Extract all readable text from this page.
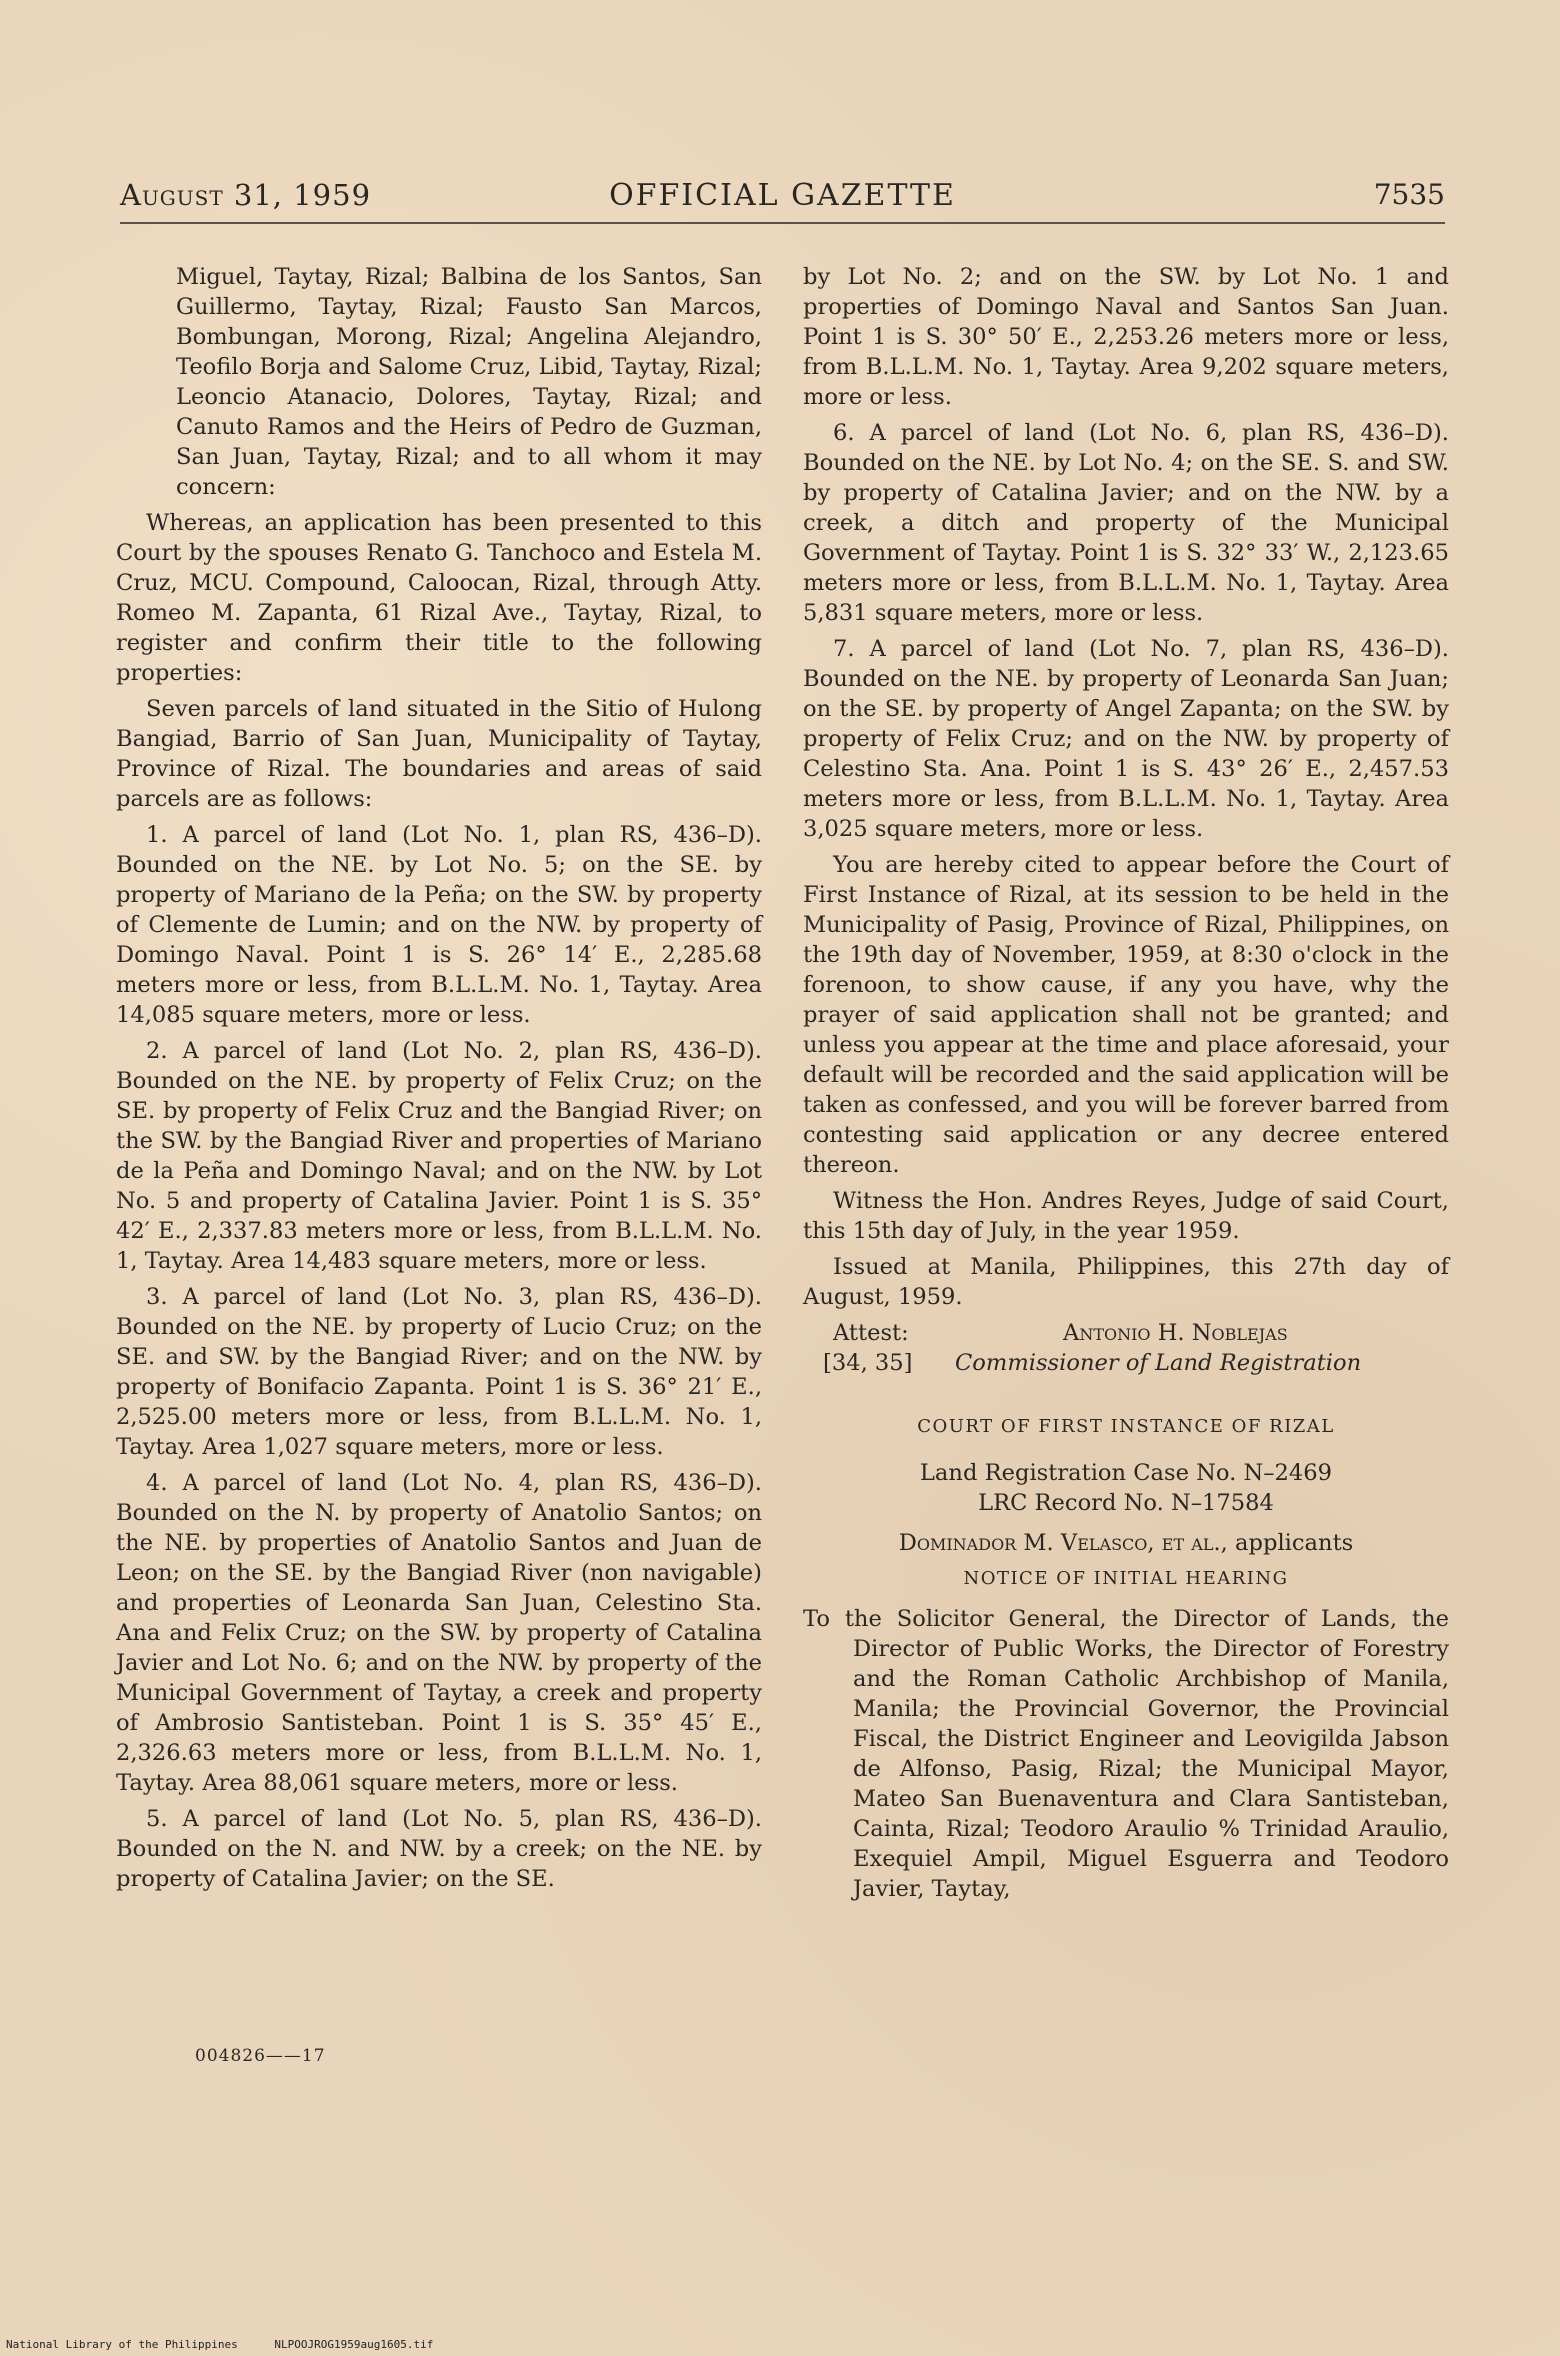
August 31, 1959	OFFICIAL GAZETTE	7535

Miguel, Taytay, Rizal; Balbina de los Santos, San Guillermo, Taytay, Rizal; Fausto San Marcos, Bombungan, Morong, Rizal; Angelina Alejandro, Teofilo Borja and Salome Cruz, Libid, Taytay, Rizal; Leoncio Atanacio, Dolores, Taytay, Rizal; and Canuto Ramos and the Heirs of Pedro de Guzman, San Juan, Taytay, Rizal; and to all whom it may concern:

Whereas, an application has been presented to this Court by the spouses Renato G. Tanchoco and Estela M. Cruz, MCU. Compound, Caloocan, Rizal, through Atty. Romeo M. Zapanta, 61 Rizal Ave., Taytay, Rizal, to register and confirm their title to the following properties:

Seven parcels of land situated in the Sitio of Hulong Bangiad, Barrio of San Juan, Municipality of Taytay, Province of Rizal. The boundaries and areas of said parcels are as follows:

1. A parcel of land (Lot No. 1, plan RS, 436–D). Bounded on the NE. by Lot No. 5; on the SE. by property of Mariano de la Peña; on the SW. by property of Clemente de Lumin; and on the NW. by property of Domingo Naval. Point 1 is S. 26° 14′ E., 2,285.68 meters more or less, from B.L.L.M. No. 1, Taytay. Area 14,085 square meters, more or less.

2. A parcel of land (Lot No. 2, plan RS, 436–D). Bounded on the NE. by property of Felix Cruz; on the SE. by property of Felix Cruz and the Bangiad River; on the SW. by the Bangiad River and properties of Mariano de la Peña and Domingo Naval; and on the NW. by Lot No. 5 and property of Catalina Javier. Point 1 is S. 35° 42′ E., 2,337.83 meters more or less, from B.L.L.M. No. 1, Taytay. Area 14,483 square meters, more or less.

3. A parcel of land (Lot No. 3, plan RS, 436–D). Bounded on the NE. by property of Lucio Cruz; on the SE. and SW. by the Bangiad River; and on the NW. by property of Bonifacio Zapanta. Point 1 is S. 36° 21′ E., 2,525.00 meters more or less, from B.L.L.M. No. 1, Taytay. Area 1,027 square meters, more or less.

4. A parcel of land (Lot No. 4, plan RS, 436–D). Bounded on the N. by property of Anatolio Santos; on the NE. by properties of Anatolio Santos and Juan de Leon; on the SE. by the Bangiad River (non navigable) and properties of Leonarda San Juan, Celestino Sta. Ana and Felix Cruz; on the SW. by property of Catalina Javier and Lot No. 6; and on the NW. by property of the Municipal Government of Taytay, a creek and property of Ambrosio Santisteban. Point 1 is S. 35° 45′ E., 2,326.63 meters more or less, from B.L.L.M. No. 1, Taytay. Area 88,061 square meters, more or less.

5. A parcel of land (Lot No. 5, plan RS, 436–D). Bounded on the N. and NW. by a creek; on the NE. by property of Catalina Javier; on the SE.

004826——17

by Lot No. 2; and on the SW. by Lot No. 1 and properties of Domingo Naval and Santos San Juan. Point 1 is S. 30° 50′ E., 2,253.26 meters more or less, from B.L.L.M. No. 1, Taytay. Area 9,202 square meters, more or less.

6. A parcel of land (Lot No. 6, plan RS, 436–D). Bounded on the NE. by Lot No. 4; on the SE. S. and SW. by property of Catalina Javier; and on the NW. by a creek, a ditch and property of the Municipal Government of Taytay. Point 1 is S. 32° 33′ W., 2,123.65 meters more or less, from B.L.L.M. No. 1, Taytay. Area 5,831 square meters, more or less.

7. A parcel of land (Lot No. 7, plan RS, 436–D). Bounded on the NE. by property of Leonarda San Juan; on the SE. by property of Angel Zapanta; on the SW. by property of Felix Cruz; and on the NW. by property of Celestino Sta. Ana. Point 1 is S. 43° 26′ E., 2,457.53 meters more or less, from B.L.L.M. No. 1, Taytay. Area 3,025 square meters, more or less.

You are hereby cited to appear before the Court of First Instance of Rizal, at its session to be held in the Municipality of Pasig, Province of Rizal, Philippines, on the 19th day of November, 1959, at 8:30 o'clock in the forenoon, to show cause, if any you have, why the prayer of said application shall not be granted; and unless you appear at the time and place aforesaid, your default will be recorded and the said application will be taken as confessed, and you will be forever barred from contesting said application or any decree entered thereon.

Witness the Hon. Andres Reyes, Judge of said Court, this 15th day of July, in the year 1959.

Issued at Manila, Philippines, this 27th day of August, 1959.

Attest:	Antonio H. Noblejas
[34, 35] Commissioner of Land Registration

COURT OF FIRST INSTANCE OF RIZAL

Land Registration Case No. N–2469

LRC Record No. N–17584

Dominador M. Velasco, et al., applicants

NOTICE OF INITIAL HEARING

To the Solicitor General, the Director of Lands, the Director of Public Works, the Director of Forestry and the Roman Catholic Archbishop of Manila, Manila; the Provincial Governor, the Provincial Fiscal, the District Engineer and Leovigilda Jabson de Alfonso, Pasig, Rizal; the Municipal Mayor, Mateo San Buenaventura and Clara Santisteban, Cainta, Rizal; Teodoro Araulio % Trinidad Araulio, Exequiel Ampil, Miguel Esguerra and Teodoro Javier, Taytay,

National Library of the Philippines	NLPOOJROG1959aug1605.tif
